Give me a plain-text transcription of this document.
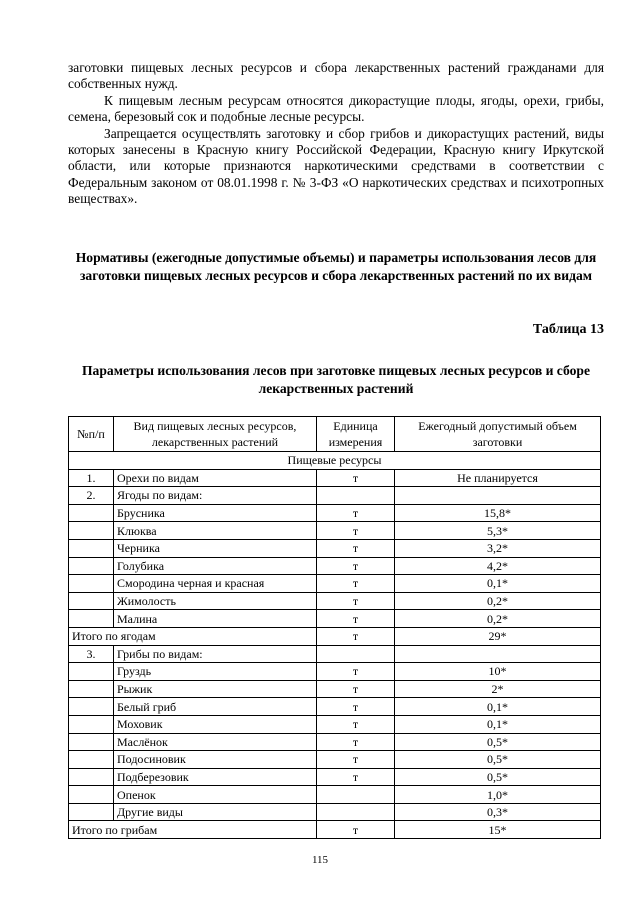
заготовки пищевых лесных ресурсов и сбора лекарственных растений гражданами для собственных нужд.

К пищевым лесным ресурсам относятся дикорастущие плоды, ягоды, орехи, грибы, семена, березовый сок и подобные лесные ресурсы.

Запрещается осуществлять заготовку и сбор грибов и дикорастущих растений, виды которых занесены в Красную книгу Российской Федерации, Красную книгу Иркутской области, или которые признаются наркотическими средствами в соответствии с Федеральным законом от 08.01.1998 г. № 3-ФЗ «О наркотических средствах и психотропных веществах».

Нормативы (ежегодные допустимые объемы) и параметры использования лесов для заготовки пищевых лесных ресурсов и сбора лекарственных растений по их видам
Таблица 13
Параметры использования лесов при заготовке пищевых лесных ресурсов и сборе лекарственных растений
№п/п	Вид пищевых лесных ресурсов, лекарственных растений	Единица измерения	Ежегодный допустимый объем заготовки
Пищевые ресурсы			
1.	Орехи по видам	т	Не планируется
2.	Ягоды по видам:		
	Брусника	т	15,8*
	Клюква	т	5,3*
	Черника	т	3,2*
	Голубика	т	4,2*
	Смородина черная и красная	т	0,1*
	Жимолость	т	0,2*
	Малина	т	0,2*
Итого по ягодам		т	29*
3.	Грибы по видам:		
	Груздь	т	10*
	Рыжик	т	2*
	Белый гриб	т	0,1*
	Моховик	т	0,1*
	Маслёнок	т	0,5*
	Подосиновик	т	0,5*
	Подберезовик	т	0,5*
	Опенок		1,0*
	Другие виды		0,3*
Итого по грибам		т	15*
115
